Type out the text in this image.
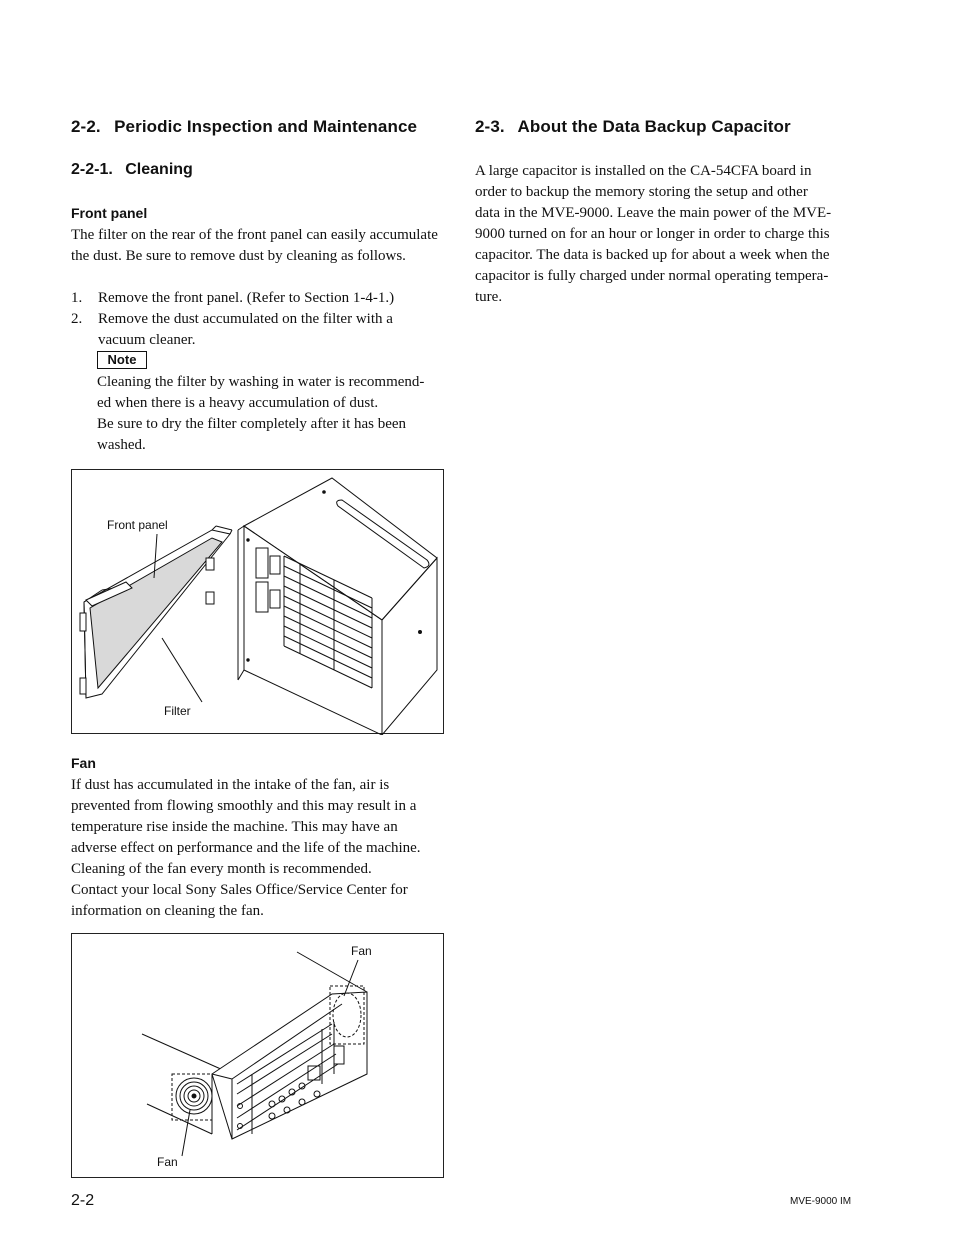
2-2.  Periodic Inspection and Maintenance
2-2-1.  Cleaning
Front panel

The filter on the rear of the front panel can easily accumulate
the dust. Be sure to remove dust by cleaning as follows.

1. Remove the front panel. (Refer to Section 1-4-1.)
2. Remove the dust accumulated on the filter with a
vacuum cleaner.
Note

Cleaning the filter by washing in water is recommend-
ed when there is a heavy accumulation of dust.
Be sure to dry the filter completely after it has been
washed.

Front panel
Filter
Fan

If dust has accumulated in the intake of the fan, air is
prevented from flowing smoothly and this may result in a
temperature rise inside the machine. This may have an
adverse effect on performance and the life of the machine.
Cleaning of the fan every month is recommended.
Contact your local Sony Sales Office/Service Center for
information on cleaning the fan.

Fan
Fan
2-3.  About the Data Backup Capacitor

A large capacitor is installed on the CA-54CFA board in
order to backup the memory storing the setup and other
data in the MVE-9000. Leave the main power of the MVE-
9000 turned on for an hour or longer in order to charge this
capacitor. The data is backed up for about a week when the
capacitor is fully charged under normal operating tempera-
ture.

2-2	MVE-9000 IM
